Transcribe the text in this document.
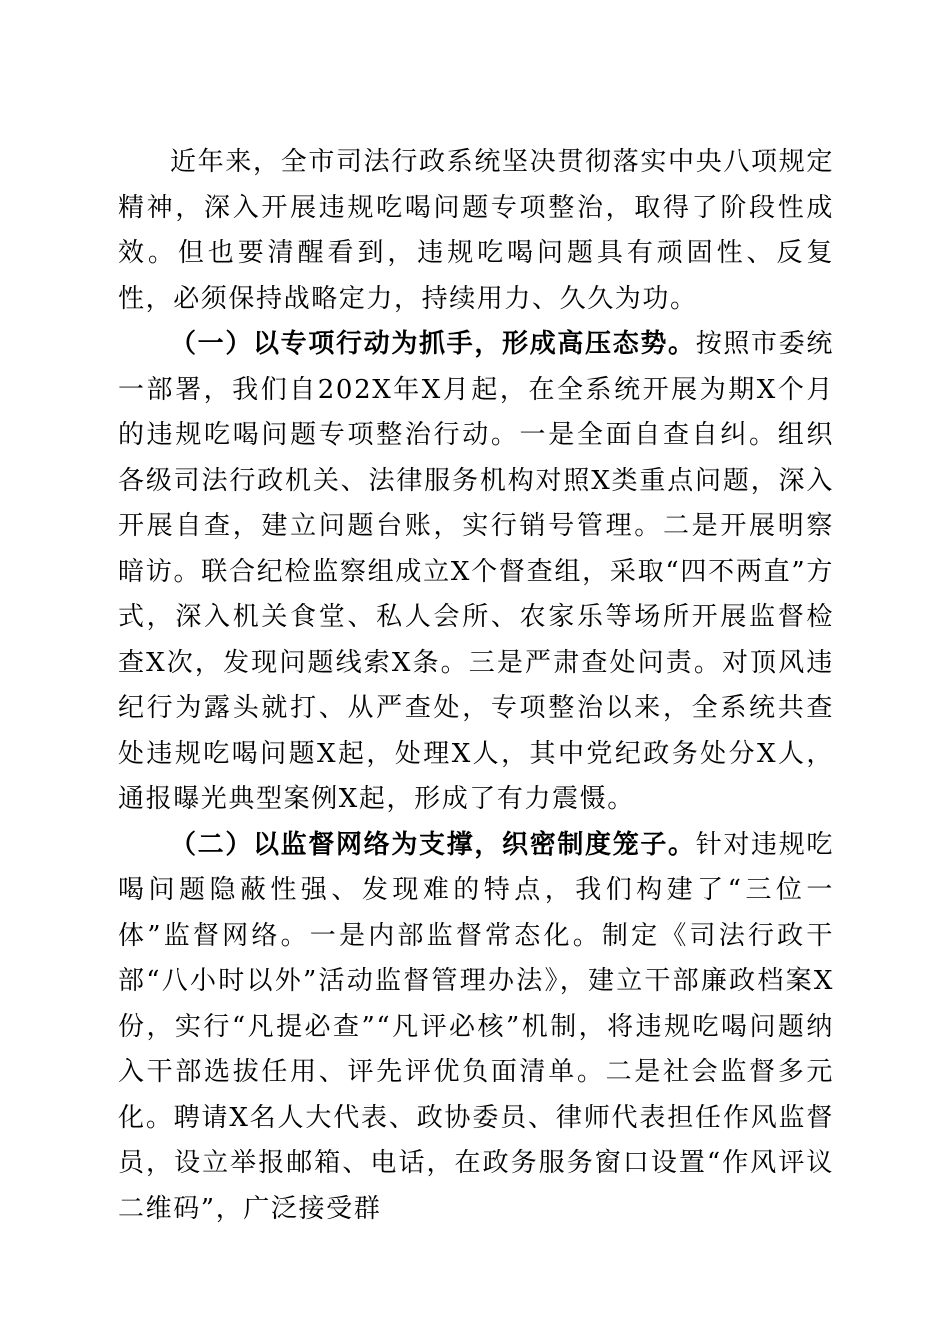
近年来，全市司法行政系统坚决贯彻落实中央八项规定精神，深入开展违规吃喝问题专项整治，取得了阶段性成效。但也要清醒看到，违规吃喝问题具有顽固性、反复性，必须保持战略定力，持续用力、久久为功。

（一）以专项行动为抓手，形成高压态势。按照市委统一部署，我们自202X年X月起，在全系统开展为期X个月的违规吃喝问题专项整治行动。一是全面自查自纠。组织各级司法行政机关、法律服务机构对照X类重点问题，深入开展自查，建立问题台账，实行销号管理。二是开展明察暗访。联合纪检监察组成立X个督查组，采取“四不两直”方式，深入机关食堂、私人会所、农家乐等场所开展监督检查X次，发现问题线索X条。三是严肃查处问责。对顶风违纪行为露头就打、从严查处，专项整治以来，全系统共查处违规吃喝问题X起，处理X人，其中党纪政务处分X人，通报曝光典型案例X起，形成了有力震慑。

（二）以监督网络为支撑，织密制度笼子。针对违规吃喝问题隐蔽性强、发现难的特点，我们构建了“三位一体”监督网络。一是内部监督常态化。制定《司法行政干部“八小时以外”活动监督管理办法》，建立干部廉政档案X份，实行“凡提必查”“凡评必核”机制，将违规吃喝问题纳入干部选拔任用、评先评优负面清单。二是社会监督多元化。聘请X名人大代表、政协委员、律师代表担任作风监督员，设立举报邮箱、电话，在政务服务窗口设置“作风评议二维码”，广泛接受群
